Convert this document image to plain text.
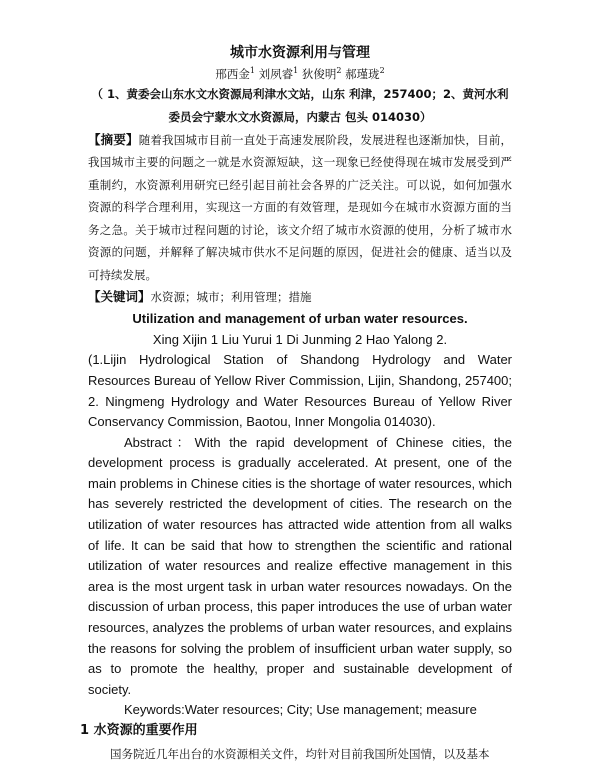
城市水资源利用与管理
邢西金$^1$ 刘夙睿$^1$ 狄俊明$^2$ 郝瑾珑$^2$
（ 1、黄委会山东水文水资源局利津水文站，山东 利津，257400；2、黄河水利
委员会宁蒙水文水资源局，内蒙古 包头 014030）
【摘要】随着我国城市目前一直处于高速发展阶段，发展进程也逐渐加快，目前，我国城市主要的问题之一就是水资源短缺，这一现象已经使得现在城市发展受到严重制约，水资源利用研究已经引起目前社会各界的广泛关注。可以说，如何加强水资源的科学合理利用，实现这一方面的有效管理，是现如今在城市水资源方面的当务之急。关于城市过程问题的讨论，该文介绍了城市水资源的使用，分析了城市水资源的问题，并解释了解决城市供水不足问题的原因，促进社会的健康、适当以及可持续发展。
【关键词】水资源；城市；利用管理；措施
Utilization and management of urban water resources.
Xing Xijin 1 Liu Yurui 1 Di Junming 2 Hao Yalong 2.
(1.Lijin Hydrological Station of Shandong Hydrology and Water Resources Bureau of Yellow River Commission, Lijin, Shandong, 257400; 2. Ningmeng Hydrology and Water Resources Bureau of Yellow River Conservancy Commission, Baotou, Inner Mongolia 014030).
Abstract：With the rapid development of Chinese cities, the development process is gradually accelerated. At present, one of the main problems in Chinese cities is the shortage of water resources, which has severely restricted the development of cities. The research on the utilization of water resources has attracted wide attention from all walks of life. It can be said that how to strengthen the scientific and rational utilization of water resources and realize effective management in this area is the most urgent task in urban water resources nowadays. On the discussion of urban process, this paper introduces the use of urban water resources, analyzes the problems of urban water resources, and explains the reasons for solving the problem of insufficient urban water supply, so as to promote the healthy, proper and sustainable development of society.
Keywords:Water resources; City; Use management; measure
1 水资源的重要作用
国务院近几年出台的水资源相关文件，均针对目前我国所处国情，以及基本
